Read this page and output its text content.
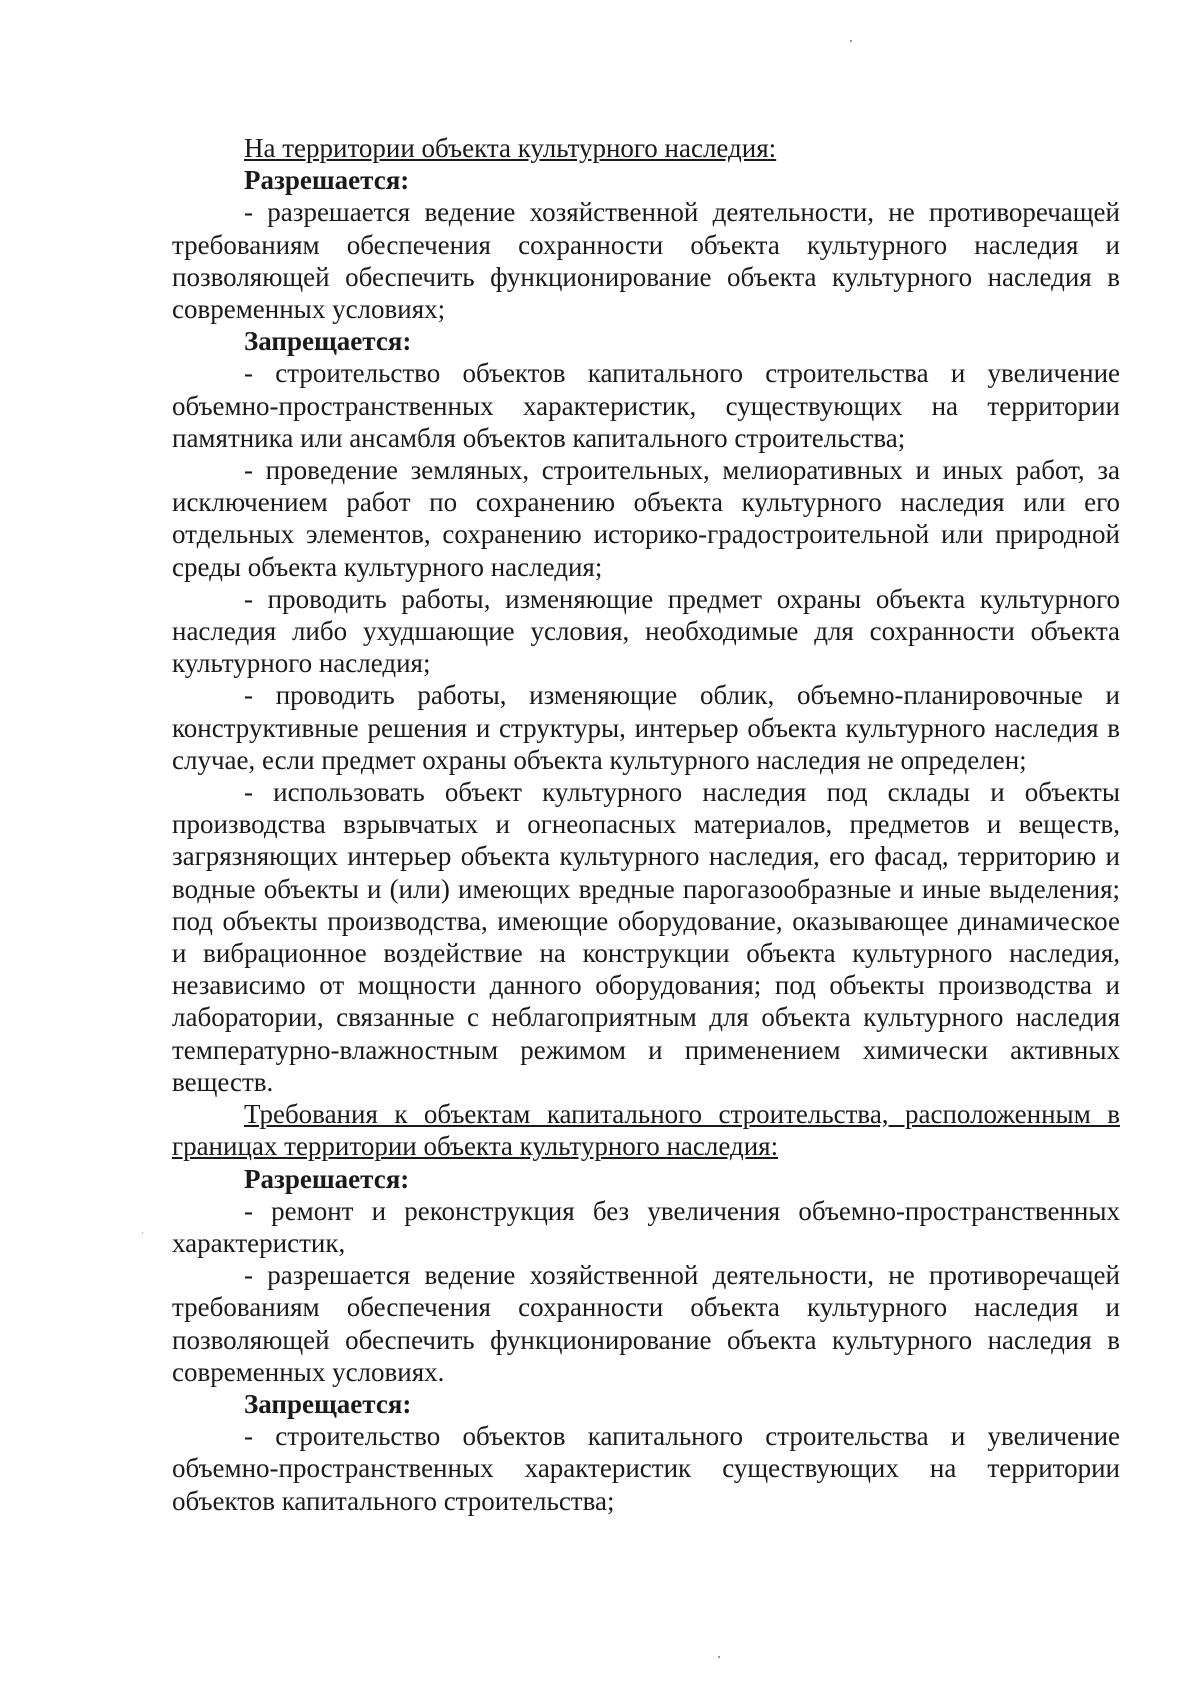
На территории объекта культурного наследия:

Разрешается:

- разрешается ведение хозяйственной деятельности, не противоречащей требованиям обеспечения сохранности объекта культурного наследия и позволяющей обеспечить функционирование объекта культурного наследия в современных условиях;

Запрещается:

- строительство объектов капитального строительства и увеличение объемно-пространственных характеристик, существующих на территории памятника или ансамбля объектов капитального строительства;

- проведение земляных, строительных, мелиоративных и иных работ, за исключением работ по сохранению объекта культурного наследия или его отдельных элементов, сохранению историко-градостроительной или природной среды объекта культурного наследия;

- проводить работы, изменяющие предмет охраны объекта культурного наследия либо ухудшающие условия, необходимые для сохранности объекта культурного наследия;

- проводить работы, изменяющие облик, объемно-планировочные и конструктивные решения и структуры, интерьер объекта культурного наследия в случае, если предмет охраны объекта культурного наследия не определен;

- использовать объект культурного наследия под склады и объекты производства взрывчатых и огнеопасных материалов, предметов и веществ, загрязняющих интерьер объекта культурного наследия, его фасад, территорию и водные объекты и (или) имеющих вредные парогазообразные и иные выделения; под объекты производства, имеющие оборудование, оказывающее динамическое и вибрационное воздействие на конструкции объекта культурного наследия, независимо от мощности данного оборудования; под объекты производства и лаборатории, связанные с неблагоприятным для объекта культурного наследия температурно-влажностным режимом и применением химически активных веществ.

Требования к объектам капитального строительства, расположенным в границах территории объекта культурного наследия:

Разрешается:

- ремонт и реконструкция без увеличения объемно-пространственных характеристик,

- разрешается ведение хозяйственной деятельности, не противоречащей требованиям обеспечения сохранности объекта культурного наследия и позволяющей обеспечить функционирование объекта культурного наследия в современных условиях.

Запрещается:

- строительство объектов капитального строительства и увеличение объемно-пространственных характеристик существующих на территории объектов капитального строительства;
